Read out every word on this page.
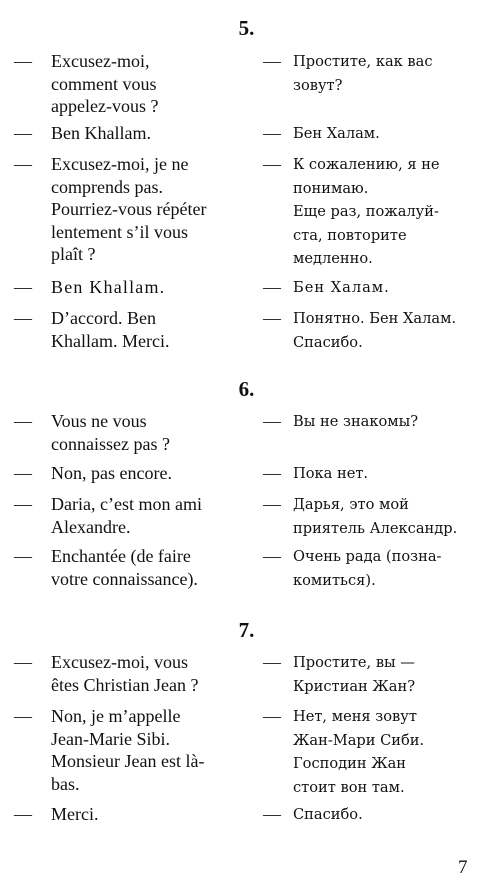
5.
— Excusez-moi,
comment vous
appelez-vous ?
— Простите, как вас
зовут?
— Ben Khallam.	— Бен Халам.
— Excusez-moi, je ne
comprends pas.
Pourriez-vous répéter
lentement s’il vous
plaît ?
— К сожалению, я не
понимаю.
Еще раз, пожалуй-
ста, повторите
медленно.
— Ben Khallam.	— Бен Халам.
— D’accord. Ben
Khallam. Merci.
— Понятно. Бен Халам.
Спасибо.
6.
— Vous ne vous
connaissez pas ?
— Вы не знакомы?
— Non, pas encore.	— Пока нет.
— Daria, c’est mon ami
Alexandre.
— Дарья, это мой
приятель Александр.
— Enchantée (de faire
votre connaissance).
— Очень рада (позна-
комиться).
7.
— Excusez-moi, vous
êtes Christian Jean ?
— Простите, вы —
Кристиан Жан?
— Non, je m’appelle
Jean-Marie Sibi.
Monsieur Jean est là-
bas.
— Нет, меня зовут
Жан-Мари Сиби.
Господин Жан
стоит вон там.
— Merci.	— Спасибо.
7
